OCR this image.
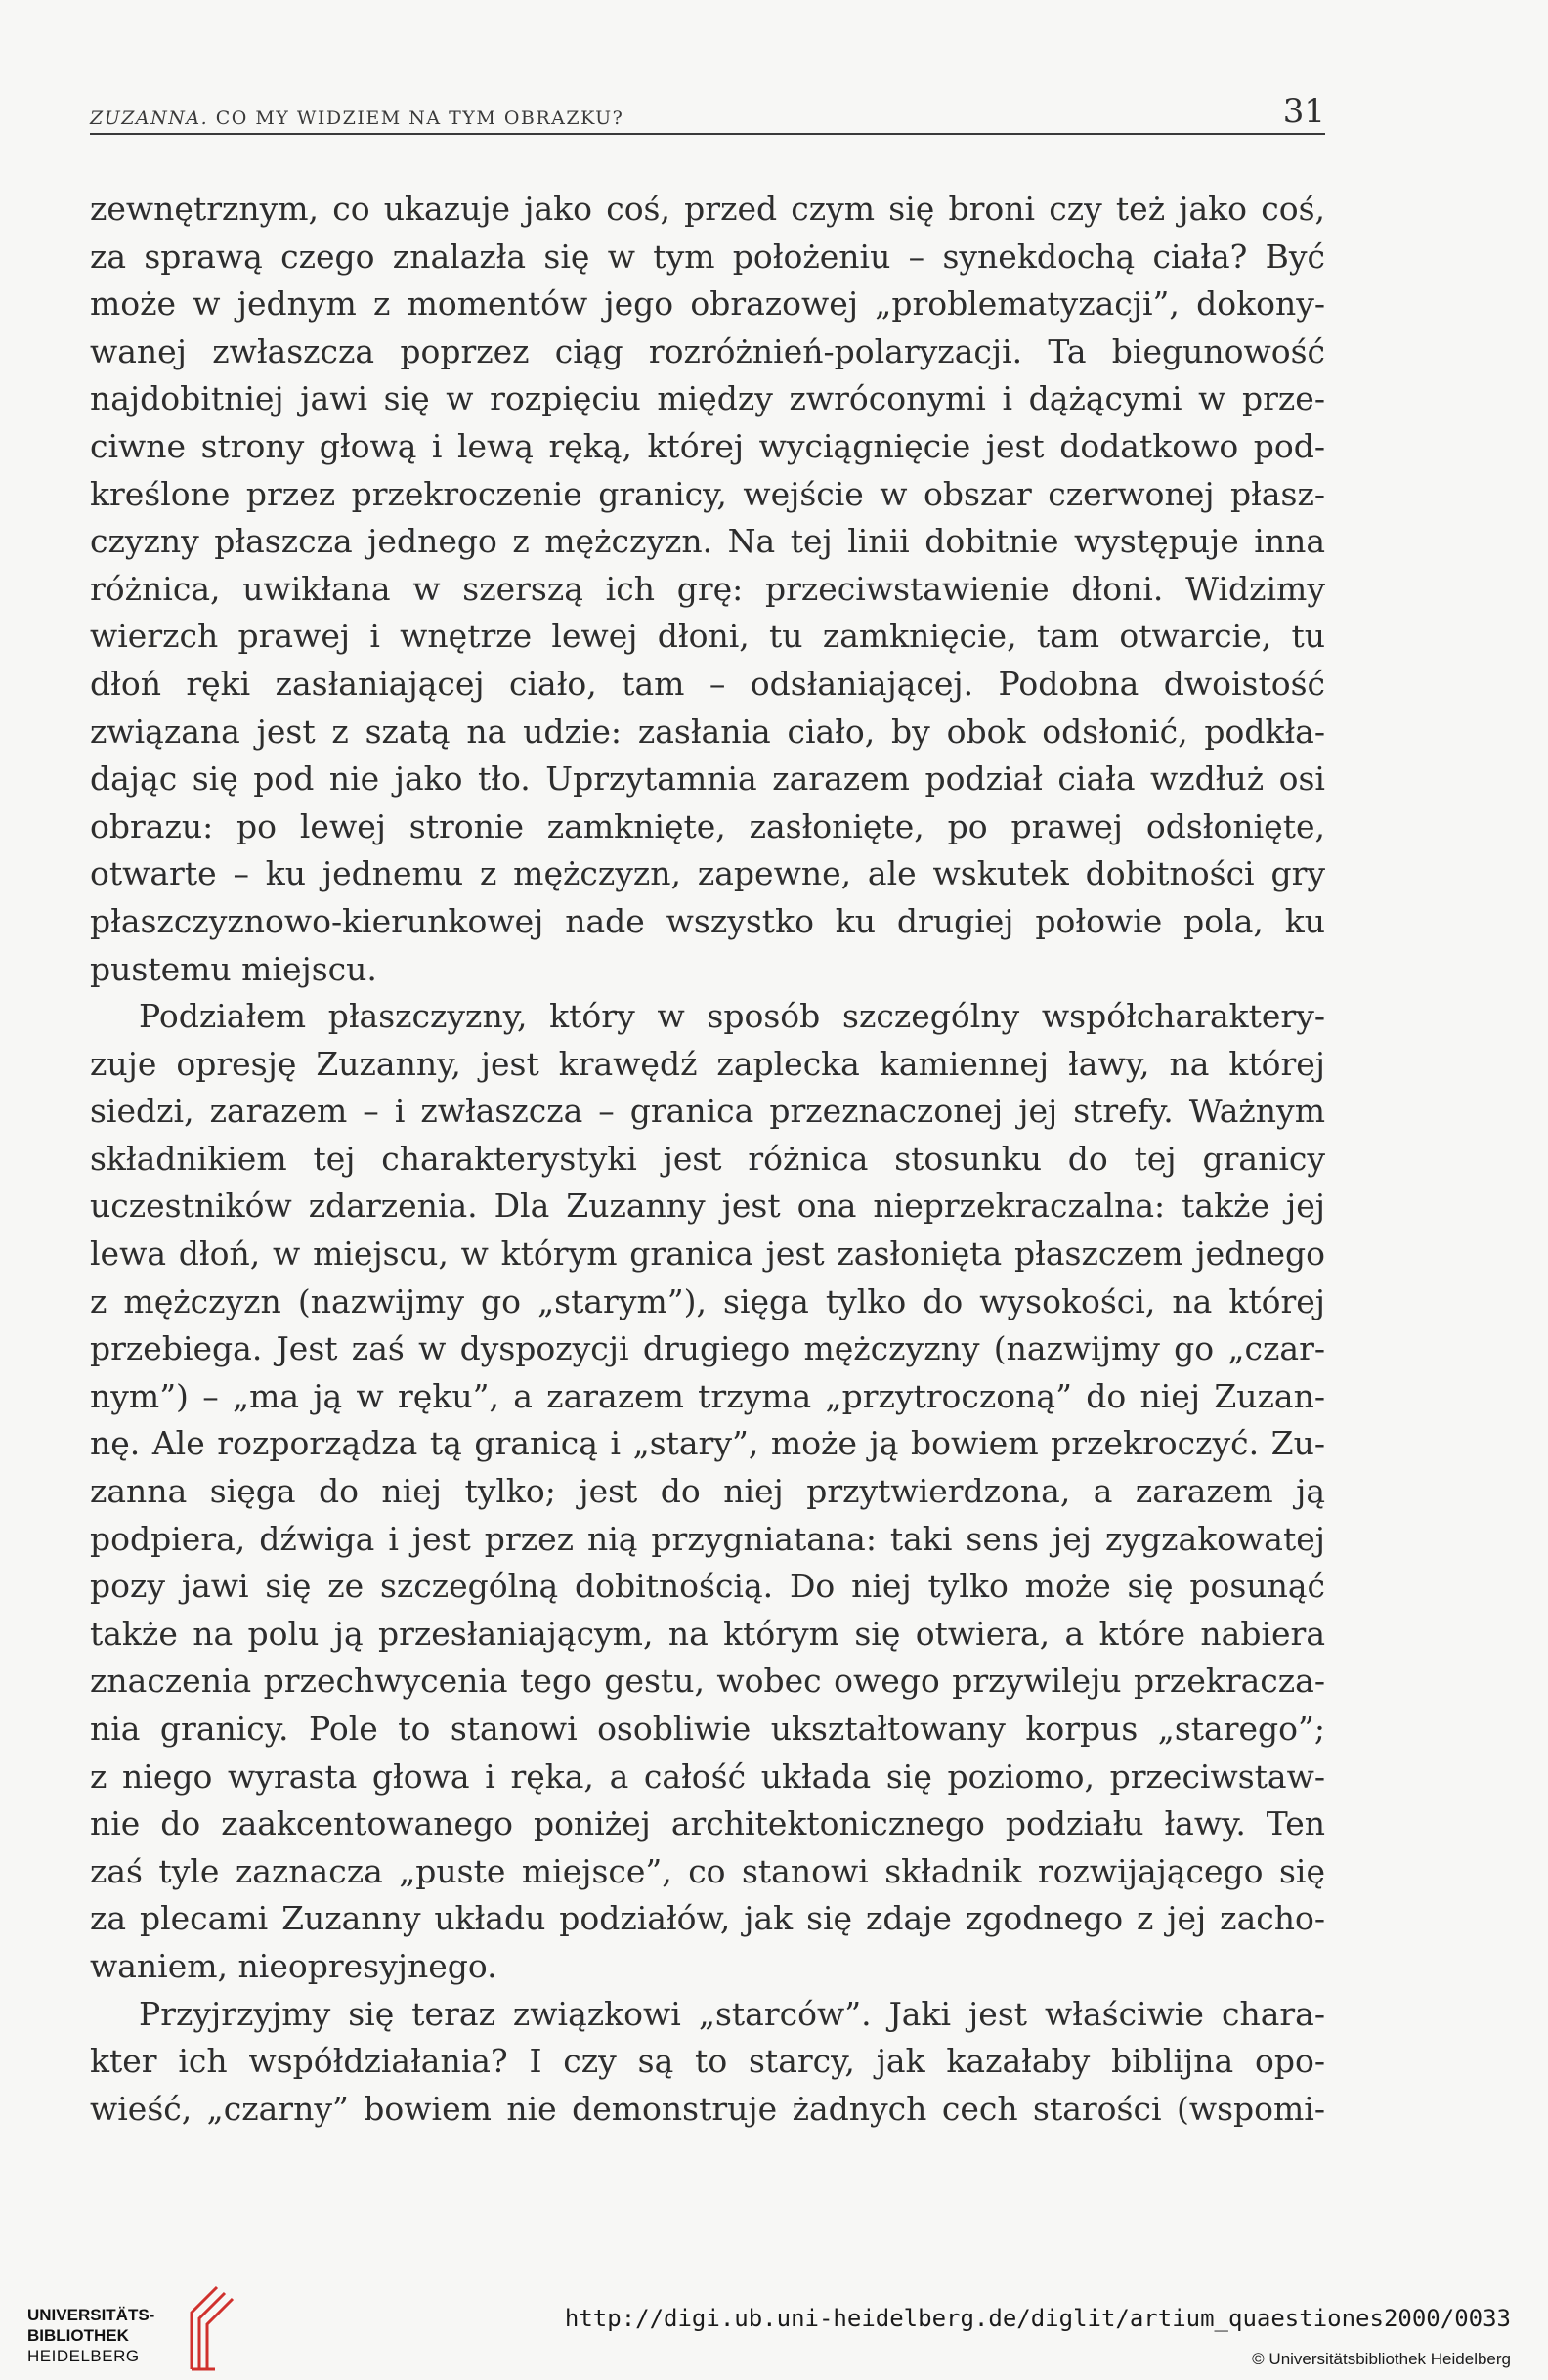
ZUZANNA. CO MY WIDZIEM NA TYM OBRAZKU?	31
zewnętrznym, co ukazuje jako coś, przed czym się broni czy też jako coś,
za sprawą czego znalazła się w tym położeniu – synekdochą ciała? Być
może w jednym z momentów jego obrazowej „problematyzacji”, dokony-
wanej zwłaszcza poprzez ciąg rozróżnień-polaryzacji. Ta biegunowość
najdobitniej jawi się w rozpięciu między zwróconymi i dążącymi w prze-
ciwne strony głową i lewą ręką, której wyciągnięcie jest dodatkowo pod-
kreślone przez przekroczenie granicy, wejście w obszar czerwonej płasz-
czyzny płaszcza jednego z mężczyzn. Na tej linii dobitnie występuje inna
różnica, uwikłana w szerszą ich grę: przeciwstawienie dłoni. Widzimy
wierzch prawej i wnętrze lewej dłoni, tu zamknięcie, tam otwarcie, tu
dłoń ręki zasłaniającej ciało, tam – odsłaniającej. Podobna dwoistość
związana jest z szatą na udzie: zasłania ciało, by obok odsłonić, podkła-
dając się pod nie jako tło. Uprzytamnia zarazem podział ciała wzdłuż osi
obrazu: po lewej stronie zamknięte, zasłonięte, po prawej odsłonięte,
otwarte – ku jednemu z mężczyzn, zapewne, ale wskutek dobitności gry
płaszczyznowo-kierunkowej nade wszystko ku drugiej połowie pola, ku
pustemu miejscu.
Podziałem płaszczyzny, który w sposób szczególny współcharaktery-
zuje opresję Zuzanny, jest krawędź zaplecka kamiennej ławy, na której
siedzi, zarazem – i zwłaszcza – granica przeznaczonej jej strefy. Ważnym
składnikiem tej charakterystyki jest różnica stosunku do tej granicy
uczestników zdarzenia. Dla Zuzanny jest ona nieprzekraczalna: także jej
lewa dłoń, w miejscu, w którym granica jest zasłonięta płaszczem jednego
z mężczyzn (nazwijmy go „starym”), sięga tylko do wysokości, na której
przebiega. Jest zaś w dyspozycji drugiego mężczyzny (nazwijmy go „czar-
nym”) – „ma ją w ręku”, a zarazem trzyma „przytroczoną” do niej Zuzan-
nę. Ale rozporządza tą granicą i „stary”, może ją bowiem przekroczyć. Zu-
zanna sięga do niej tylko; jest do niej przytwierdzona, a zarazem ją
podpiera, dźwiga i jest przez nią przygniatana: taki sens jej zygzakowatej
pozy jawi się ze szczególną dobitnością. Do niej tylko może się posunąć
także na polu ją przesłaniającym, na którym się otwiera, a które nabiera
znaczenia przechwycenia tego gestu, wobec owego przywileju przekracza-
nia granicy. Pole to stanowi osobliwie ukształtowany korpus „starego”;
z niego wyrasta głowa i ręka, a całość układa się poziomo, przeciwstaw-
nie do zaakcentowanego poniżej architektonicznego podziału ławy. Ten
zaś tyle zaznacza „puste miejsce”, co stanowi składnik rozwijającego się
za plecami Zuzanny układu podziałów, jak się zdaje zgodnego z jej zacho-
waniem, nieopresyjnego.
Przyjrzyjmy się teraz związkowi „starców”. Jaki jest właściwie chara-
kter ich współdziałania? I czy są to starcy, jak kazałaby biblijna opo-
wieść, „czarny” bowiem nie demonstruje żadnych cech starości (wspomi-
UNIVERSITÄTS-
BIBLIOTHEK
HEIDELBERG
http://digi.ub.uni-heidelberg.de/diglit/artium_quaestiones2000/0033
© Universitätsbibliothek Heidelberg
